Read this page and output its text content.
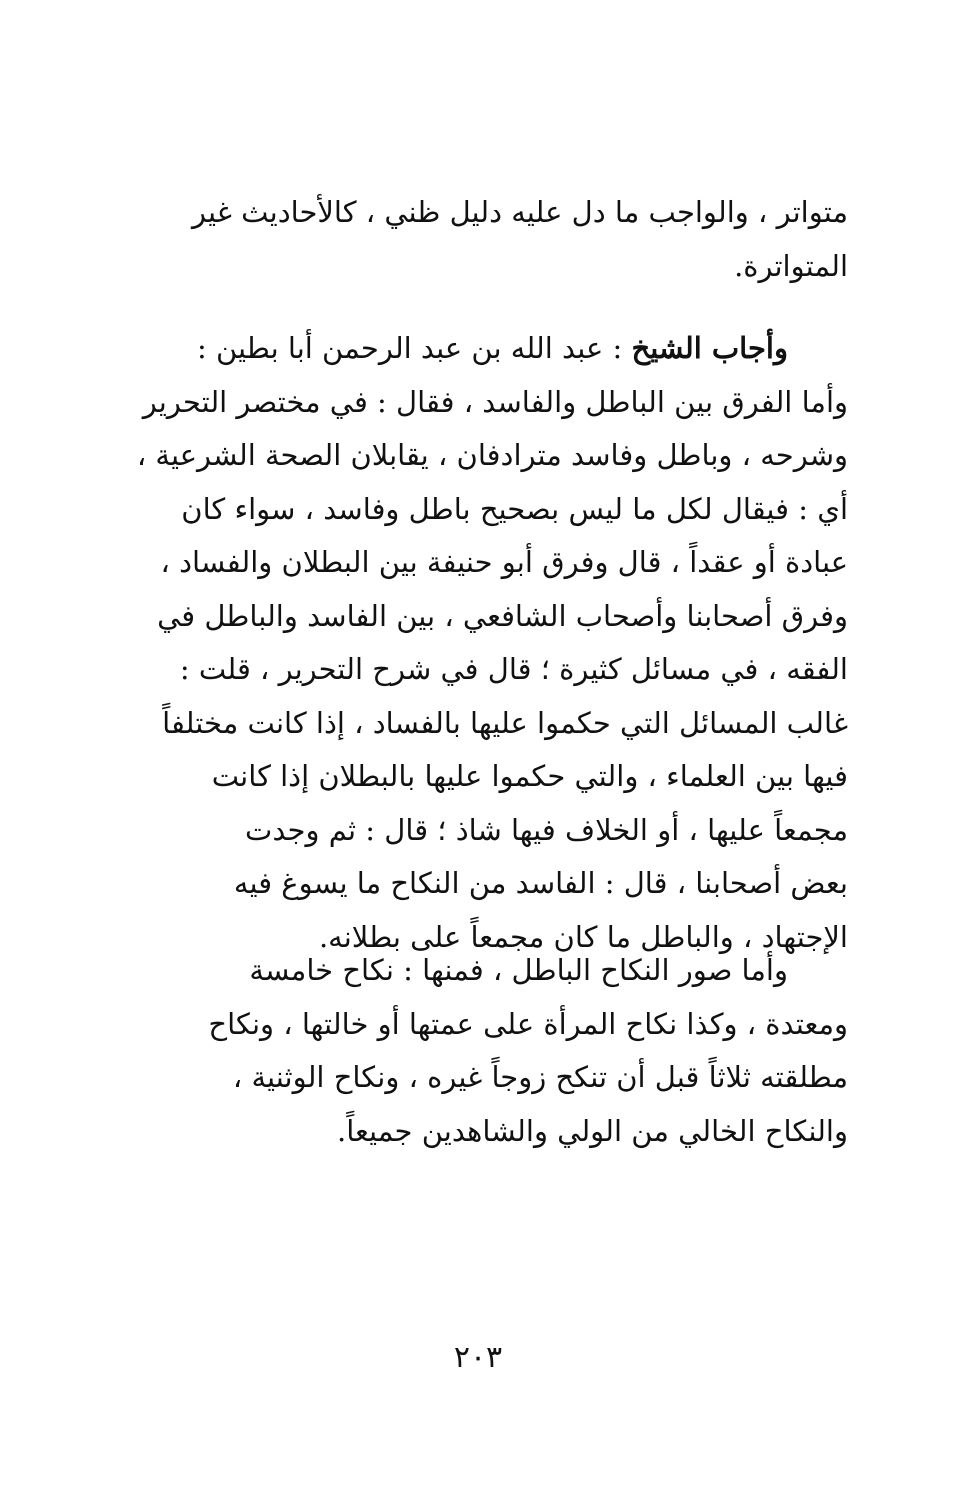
متواتر ، والواجب ما دل عليه دليل ظني ، كالأحاديث غير
المتواترة.
وأجاب الشيخ : عبد الله بن عبد الرحمن أبا بطين :
وأما الفرق بين الباطل والفاسد ، فقال : في مختصر التحرير
وشرحه ، وباطل وفاسد مترادفان ، يقابلان الصحة الشرعية ،
أي : فيقال لكل ما ليس بصحيح باطل وفاسد ، سواء كان
عبادة أو عقداً ، قال وفرق أبو حنيفة بين البطلان والفساد ،
وفرق أصحابنا وأصحاب الشافعي ، بين الفاسد والباطل في
الفقه ، في مسائل كثيرة ؛ قال في شرح التحرير ، قلت :
غالب المسائل التي حكموا عليها بالفساد ، إذا كانت مختلفاً
فيها بين العلماء ، والتي حكموا عليها بالبطلان إذا كانت
مجمعاً عليها ، أو الخلاف فيها شاذ ؛ قال : ثم وجدت
بعض أصحابنا ، قال : الفاسد من النكاح ما يسوغ فيه
الإجتهاد ، والباطل ما كان مجمعاً على بطلانه.
وأما صور النكاح الباطل ، فمنها : نكاح خامسة
ومعتدة ، وكذا نكاح المرأة على عمتها أو خالتها ، ونكاح
مطلقته ثلاثاً قبل أن تنكح زوجاً غيره ، ونكاح الوثنية ،
والنكاح الخالي من الولي والشاهدين جميعاً.
٢٠٣
